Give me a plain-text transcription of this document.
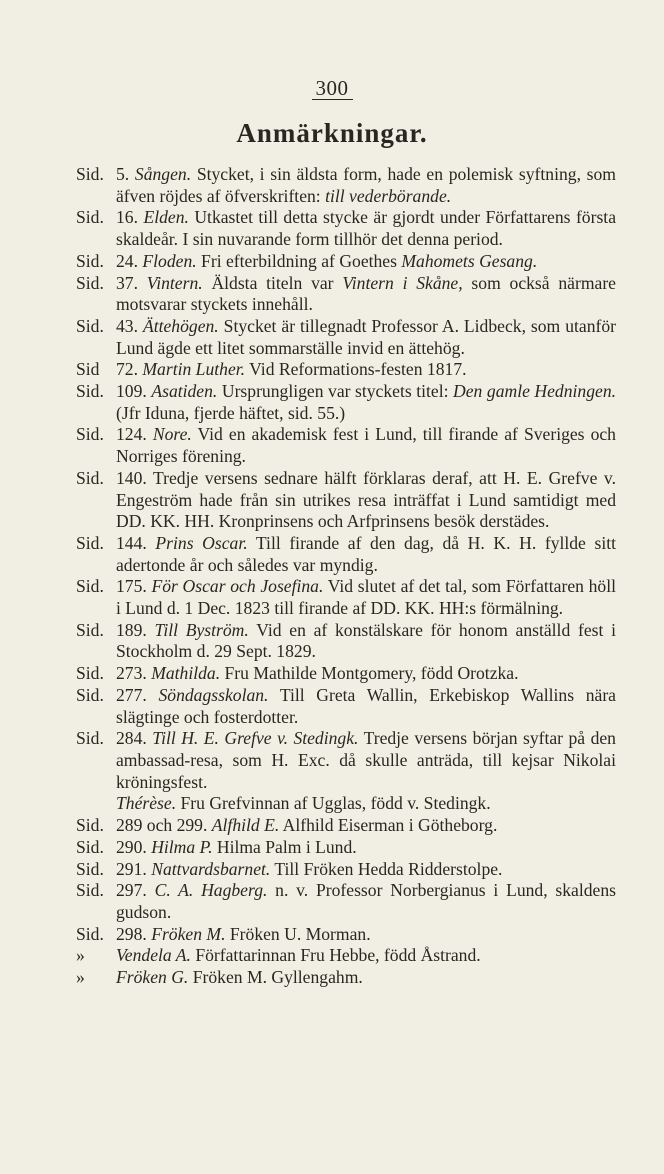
300
Anmärkningar.
Sid. 5. Sången. Stycket, i sin äldsta form, hade en polemisk syftning, som äfven röjdes af öfverskriften: till vederbörande.
Sid. 16. Elden. Utkastet till detta stycke är gjordt under Författarens första skaldeår. I sin nuvarande form tillhör det denna period.
Sid. 24. Floden. Fri efterbildning af Goethes Mahomets Gesang.
Sid. 37. Vintern. Äldsta titeln var Vintern i Skåne, som också närmare motsvarar styckets innehåll.
Sid. 43. Ättehögen. Stycket är tillegnadt Professor A. Lidbeck, som utanför Lund ägde ett litet sommarställe invid en ättehög.
Sid 72. Martin Luther. Vid Reformations-festen 1817.
Sid. 109. Asatiden. Ursprungligen var styckets titel: Den gamle Hedningen. (Jfr Iduna, fjerde häftet, sid. 55.)
Sid. 124. Nore. Vid en akademisk fest i Lund, till firande af Sveriges och Norriges förening.
Sid. 140. Tredje versens sednare hälft förklaras deraf, att H. E. Grefve v. Engeström hade från sin utrikes resa inträffat i Lund samtidigt med DD. KK. HH. Kronprinsens och Arfprinsens besök derstädes.
Sid. 144. Prins Oscar. Till firande af den dag, då H. K. H. fyllde sitt adertonde år och således var myndig.
Sid. 175. För Oscar och Josefina. Vid slutet af det tal, som Författaren höll i Lund d. 1 Dec. 1823 till firande af DD. KK. HH:s förmälning.
Sid. 189. Till Byström. Vid en af konstälskare för honom anställd fest i Stockholm d. 29 Sept. 1829.
Sid. 273. Mathilda. Fru Mathilde Montgomery, född Orotzka.
Sid. 277. Söndagsskolan. Till Greta Wallin, Erkebiskop Wallins nära slägtinge och fosterdotter.
Sid. 284. Till H. E. Grefve v. Stedingk. Tredje versens början syftar på den ambassad-resa, som H. Exc. då skulle anträda, till kejsar Nikolai kröningsfest.
Thérèse. Fru Grefvinnan af Ugglas, född v. Stedingk.
Sid. 289 och 299. Alfhild E. Alfhild Eiserman i Götheborg.
Sid. 290. Hilma P. Hilma Palm i Lund.
Sid. 291. Nattvardsbarnet. Till Fröken Hedda Ridderstolpe.
Sid. 297. C. A. Hagberg. n. v. Professor Norbergianus i Lund, skaldens gudson.
Sid. 298. Fröken M. Fröken U. Morman.
»	Vendela A. Författarinnan Fru Hebbe, född Åstrand.
»	Fröken G. Fröken M. Gyllengahm.
